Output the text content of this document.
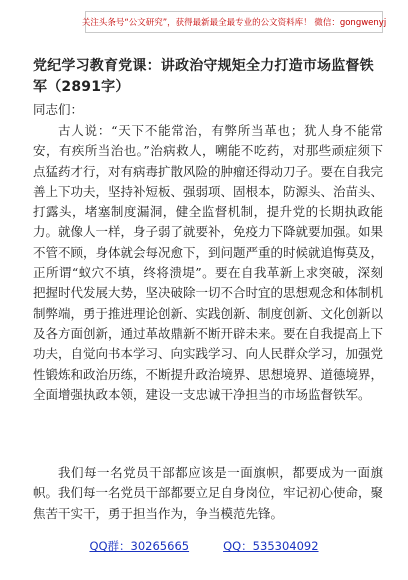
关注头条号“公文研究”，获得最新最全最专业的公文资料库！ 微信：gongwenyj
党纪学习教育党课：讲政治守规矩全力打造市场监督铁军（2891字）
同志们：
古人说：“天下不能常治，有弊所当革也；犹人身不能常安，有疾所当治也。”治病救人，嗍能不吃药，对那些顽症须下点猛药才行，对有病毒扩散风险的肿瘤还得动刀子。要在自我完善上下功夫，坚持补短板、强弱项、固根本，防源头、治苗头、打露头，堵塞制度漏洞，健全监督机制，提升党的长期执政能力。就像人一样，身子弱了就要补，免疫力下降就要加强。如果不管不顾，身体就会每况愈下，到问题严重的时候就追悔莫及，正所谓“蚁穴不填，终将溃堤”。要在自我革新上求突破，深刻把握时代发展大势，坚决破除一切不合时宜的思想观念和体制机制弊端，勇于推进理论创新、实践创新、制度创新、文化创新以及各方面创新，通过革故鼎新不断开辟未来。要在自我提高上下功夫，自觉向书本学习、向实践学习、向人民群众学习，加强党性锻炼和政治历练，不断提升政治境界、思想境界、道德境界，全面增强执政本领，建设一支忠诚干净担当的市场监督铁军。
我们每一名党员干部都应该是一面旗帜，都要成为一面旗帜。我们每一名党员干部都要立足自身岗位，牢记初心使命，聚焦苦干实干，勇于担当作为，争当模范先锋。
QQ群：30265665	QQ：535304092
